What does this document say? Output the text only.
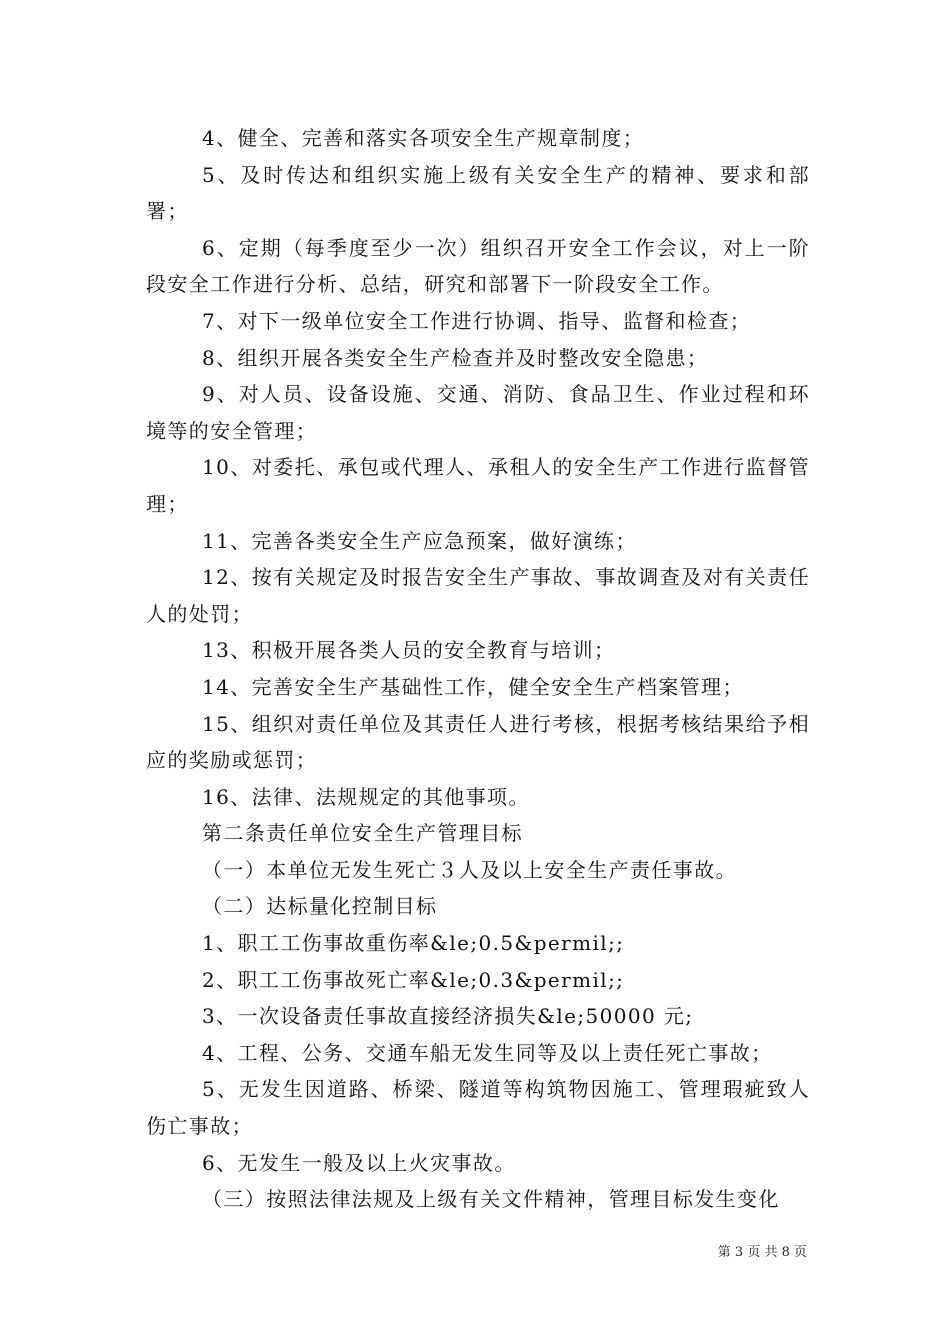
4、健全、完善和落实各项安全生产规章制度；

5、及时传达和组织实施上级有关安全生产的精神、要求和部署；

6、定期（每季度至少一次）组织召开安全工作会议，对上一阶段安全工作进行分析、总结，研究和部署下一阶段安全工作。

7、对下一级单位安全工作进行协调、指导、监督和检查；

8、组织开展各类安全生产检查并及时整改安全隐患；

9、对人员、设备设施、交通、消防、食品卫生、作业过程和环境等的安全管理；

10、对委托、承包或代理人、承租人的安全生产工作进行监督管理；

11、完善各类安全生产应急预案，做好演练；

12、按有关规定及时报告安全生产事故、事故调查及对有关责任人的处罚；

13、积极开展各类人员的安全教育与培训；

14、完善安全生产基础性工作，健全安全生产档案管理；

15、组织对责任单位及其责任人进行考核，根据考核结果给予相应的奖励或惩罚；

16、法律、法规规定的其他事项。

第二条责任单位安全生产管理目标

（一）本单位无发生死亡３人及以上安全生产责任事故。

（二）达标量化控制目标

1、职工工伤事故重伤率&le;0.5&permil;;

2、职工工伤事故死亡率&le;0.3&permil;;

3、一次设备责任事故直接经济损失&le;50000 元;

4、工程、公务、交通车船无发生同等及以上责任死亡事故；

5、无发生因道路、桥梁、隧道等构筑物因施工、管理瑕疵致人伤亡事故；

6、无发生一般及以上火灾事故。

（三）按照法律法规及上级有关文件精神，管理目标发生变化

第 3 页 共 8 页
